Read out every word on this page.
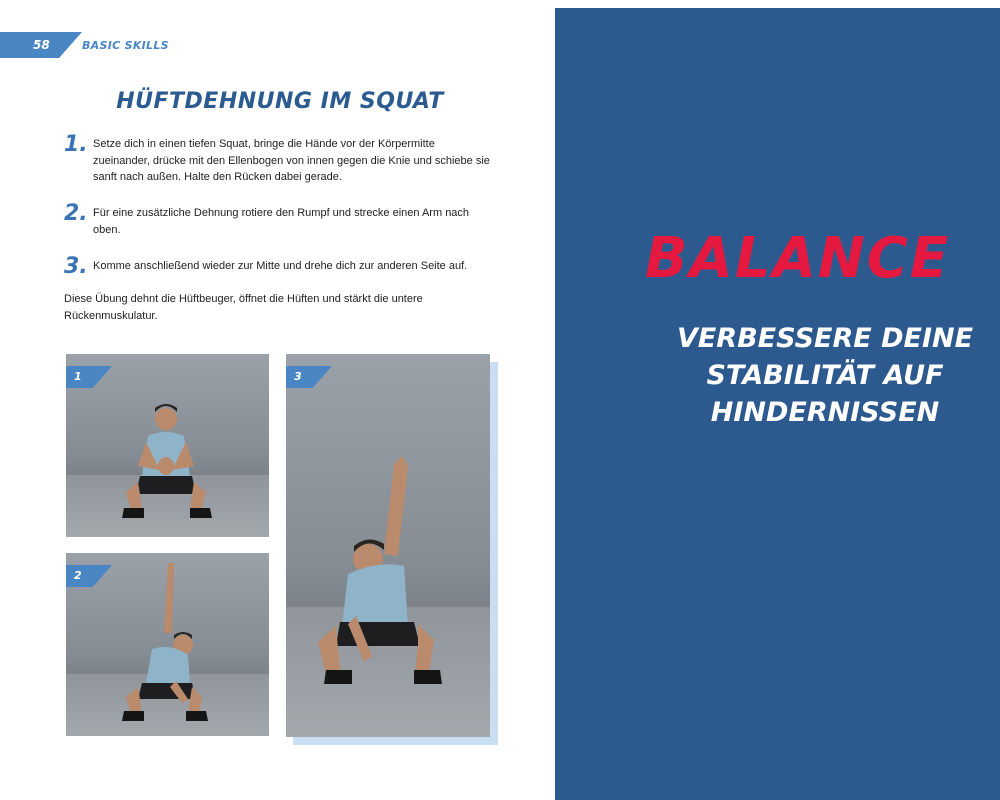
58	BASIC SKILLS
HÜFTDEHNUNG IM SQUAT
1. Setze dich in einen tiefen Squat, bringe die Hände vor der Körpermitte zueinander, drücke mit den Ellenbogen von innen gegen die Knie und schiebe sie sanft nach außen. Halte den Rücken dabei gerade.

2. Für eine zusätzliche Dehnung rotiere den Rumpf und strecke einen Arm nach oben.

3. Komme anschließend wieder zur Mitte und drehe dich zur anderen Seite auf.

Diese Übung dehnt die Hüftbeuger, öffnet die Hüften und stärkt die untere Rückenmuskulatur.

1
2
3
BALANCE
VERBESSERE DEINE
STABILITÄT AUF
HINDERNISSEN
